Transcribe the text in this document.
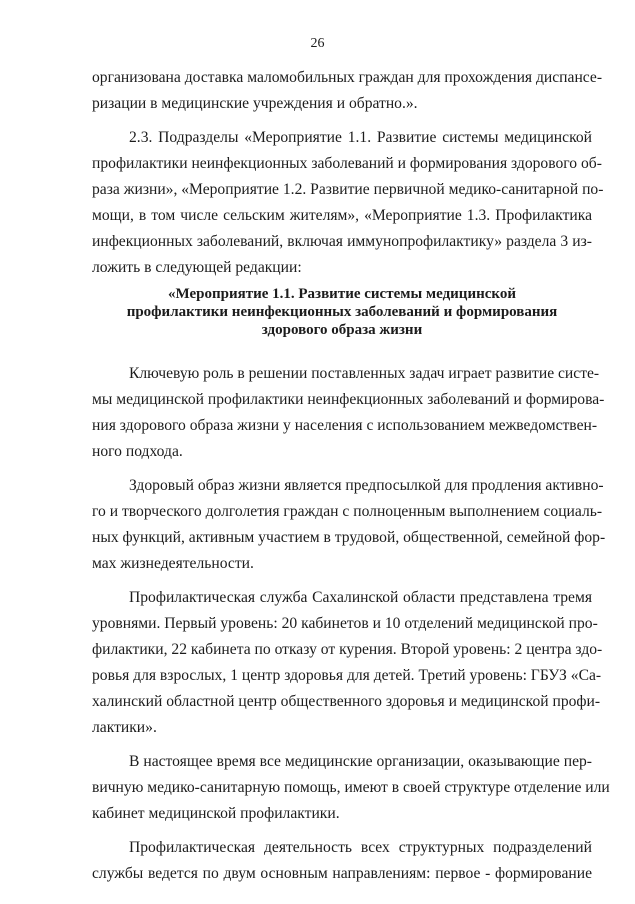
26

организована доставка маломобильных граждан для прохождения диспансе-
ризации в медицинские учреждения и обратно.».

2.3. Подразделы «Мероприятие 1.1. Развитие системы медицинской
профилактики неинфекционных заболеваний и формирования здорового об-
раза жизни», «Мероприятие 1.2. Развитие первичной медико-санитарной по-
мощи, в том числе сельским жителям», «Мероприятие 1.3. Профилактика
инфекционных заболеваний, включая иммунопрофилактику» раздела 3 из-
ложить в следующей редакции:

«Мероприятие 1.1. Развитие системы медицинской
профилактики неинфекционных заболеваний и формирования
здорового образа жизни

Ключевую роль в решении поставленных задач играет развитие систе-
мы медицинской профилактики неинфекционных заболеваний и формирова-
ния здорового образа жизни у населения с использованием межведомствен-
ного подхода.

Здоровый образ жизни является предпосылкой для продления активно-
го и творческого долголетия граждан с полноценным выполнением социаль-
ных функций, активным участием в трудовой, общественной, семейной фор-
мах жизнедеятельности.

Профилактическая служба Сахалинской области представлена тремя
уровнями. Первый уровень: 20 кабинетов и 10 отделений медицинской про-
филактики, 22 кабинета по отказу от курения. Второй уровень: 2 центра здо-
ровья для взрослых, 1 центр здоровья для детей. Третий уровень: ГБУЗ «Са-
халинский областной центр общественного здоровья и медицинской профи-
лактики».

В настоящее время все медицинские организации, оказывающие пер-
вичную медико-санитарную помощь, имеют в своей структуре отделение или
кабинет медицинской профилактики.

Профилактическая деятельность всех структурных подразделений
службы ведется по двум основным направлениям: первое - формирование
